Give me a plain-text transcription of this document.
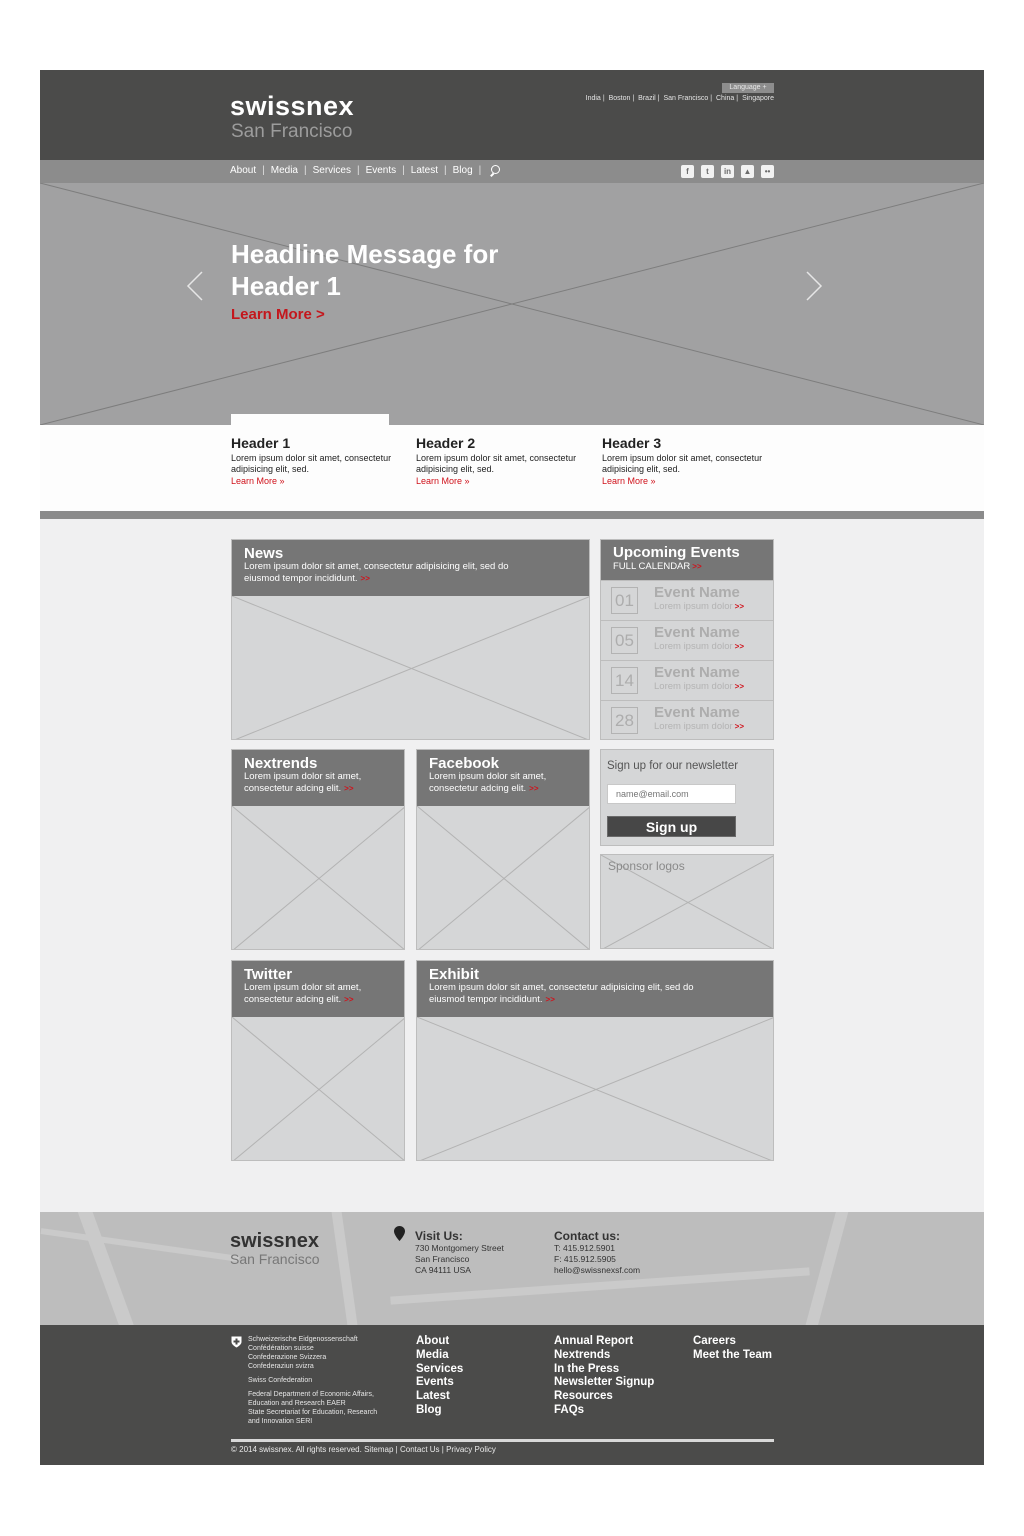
swissnex
San Francisco
Language +
India | Boston | Brazil | San Francisco | China | Singapore
About | Media | Services | Events | Latest | Blog |	f	t	in	▲	••
Headline Message for Header 1
Learn More >
Header 1

Lorem ipsum dolor sit amet, consectetur adipisicing elit, sed.

Learn More »
Header 2

Lorem ipsum dolor sit amet, consectetur adipisicing elit, sed.

Learn More »
Header 3

Lorem ipsum dolor sit amet, consectetur adipisicing elit, sed.

Learn More »
News

Lorem ipsum dolor sit amet, consectetur adipisicing elit, sed do eiusmod tempor incididunt. >>

Upcoming Events
FULL CALENDAR >>
01 Event Name
Lorem ipsum dolor >>
05 Event Name
Lorem ipsum dolor >>
14 Event Name
Lorem ipsum dolor >>
28 Event Name
Lorem ipsum dolor >>
Nextrends

Lorem ipsum dolor sit amet, consectetur adcing elit. >>

Facebook

Lorem ipsum dolor sit amet, consectetur adcing elit. >>

Sign up for our newsletter
name@email.com
Sign up
Sponsor logos
Twitter

Lorem ipsum dolor sit amet, consectetur adcing elit. >>

Exhibit

Lorem ipsum dolor sit amet, consectetur adipisicing elit, sed do eiusmod tempor incididunt. >>

swissnex
San Francisco
Visit Us:

730 Montgomery Street

San Francisco

CA 94111 USA

Contact us:

T: 415.912.5901

F: 415.912.5905

hello@swissnexsf.com

Schweizerische Eidgenossenschaft
Confédération suisse
Confederazione Svizzera
Confederaziun svizra
Swiss Confederation
Federal Department of Economic Affairs,
Education and Research EAER
State Secretariat for Education, Research
and Innovation SERI
About
Media
Services
Events
Latest
Blog
Annual Report
Nextrends
In the Press
Newsletter Signup
Resources
FAQs
Careers
Meet the Team
© 2014 swissnex. All rights reserved. Sitemap | Contact Us | Privacy Policy
